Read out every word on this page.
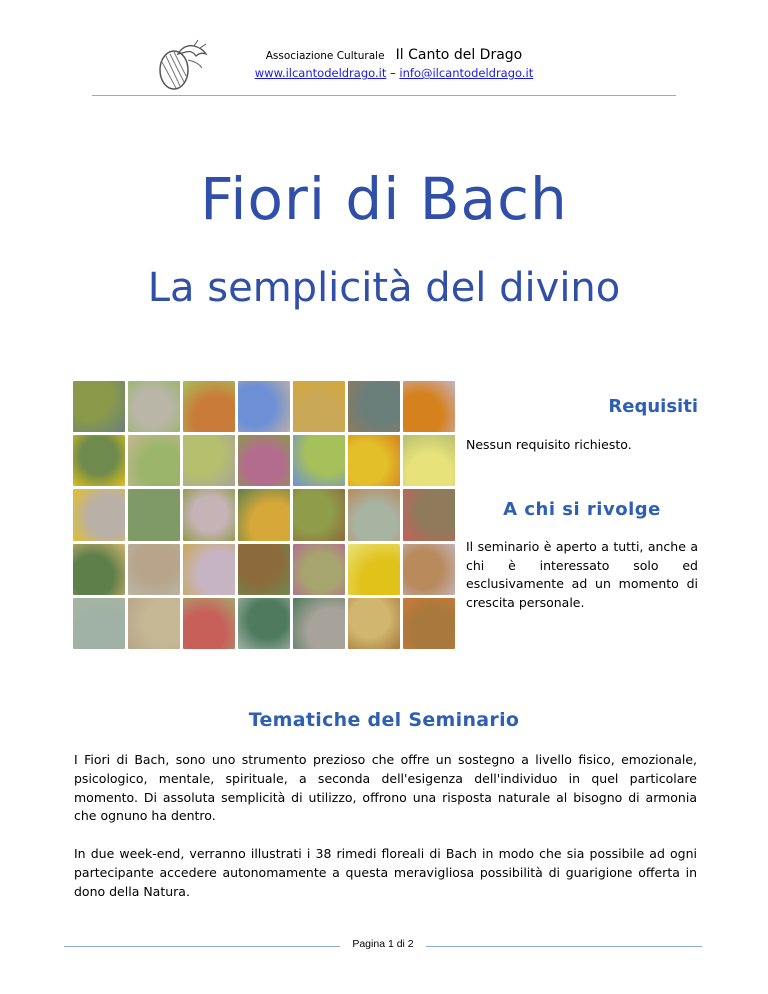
Associazione Culturale Il Canto del Drago
www.ilcantodeldrago.it – info@ilcantodeldrago.it
Fiori di Bach
La semplicità del divino
Requisiti
Nessun requisito richiesto.
A chi si rivolge
Il seminario è aperto a tutti, anche a chi è interessato solo ed esclusivamente ad un momento di crescita personale.
Tematiche del Seminario
I Fiori di Bach, sono uno strumento prezioso che offre un sostegno a livello fisico, emozionale, psicologico, mentale, spirituale, a seconda dell'esigenza dell'individuo in quel particolare momento. Di assoluta semplicità di utilizzo, offrono una risposta naturale al bisogno di armonia che ognuno ha dentro.
In due week-end, verranno illustrati i 38 rimedi floreali di Bach in modo che sia possibile ad ogni partecipante accedere autonomamente a questa meravigliosa possibilità di guarigione offerta in dono della Natura.
Pagina 1 di 2
